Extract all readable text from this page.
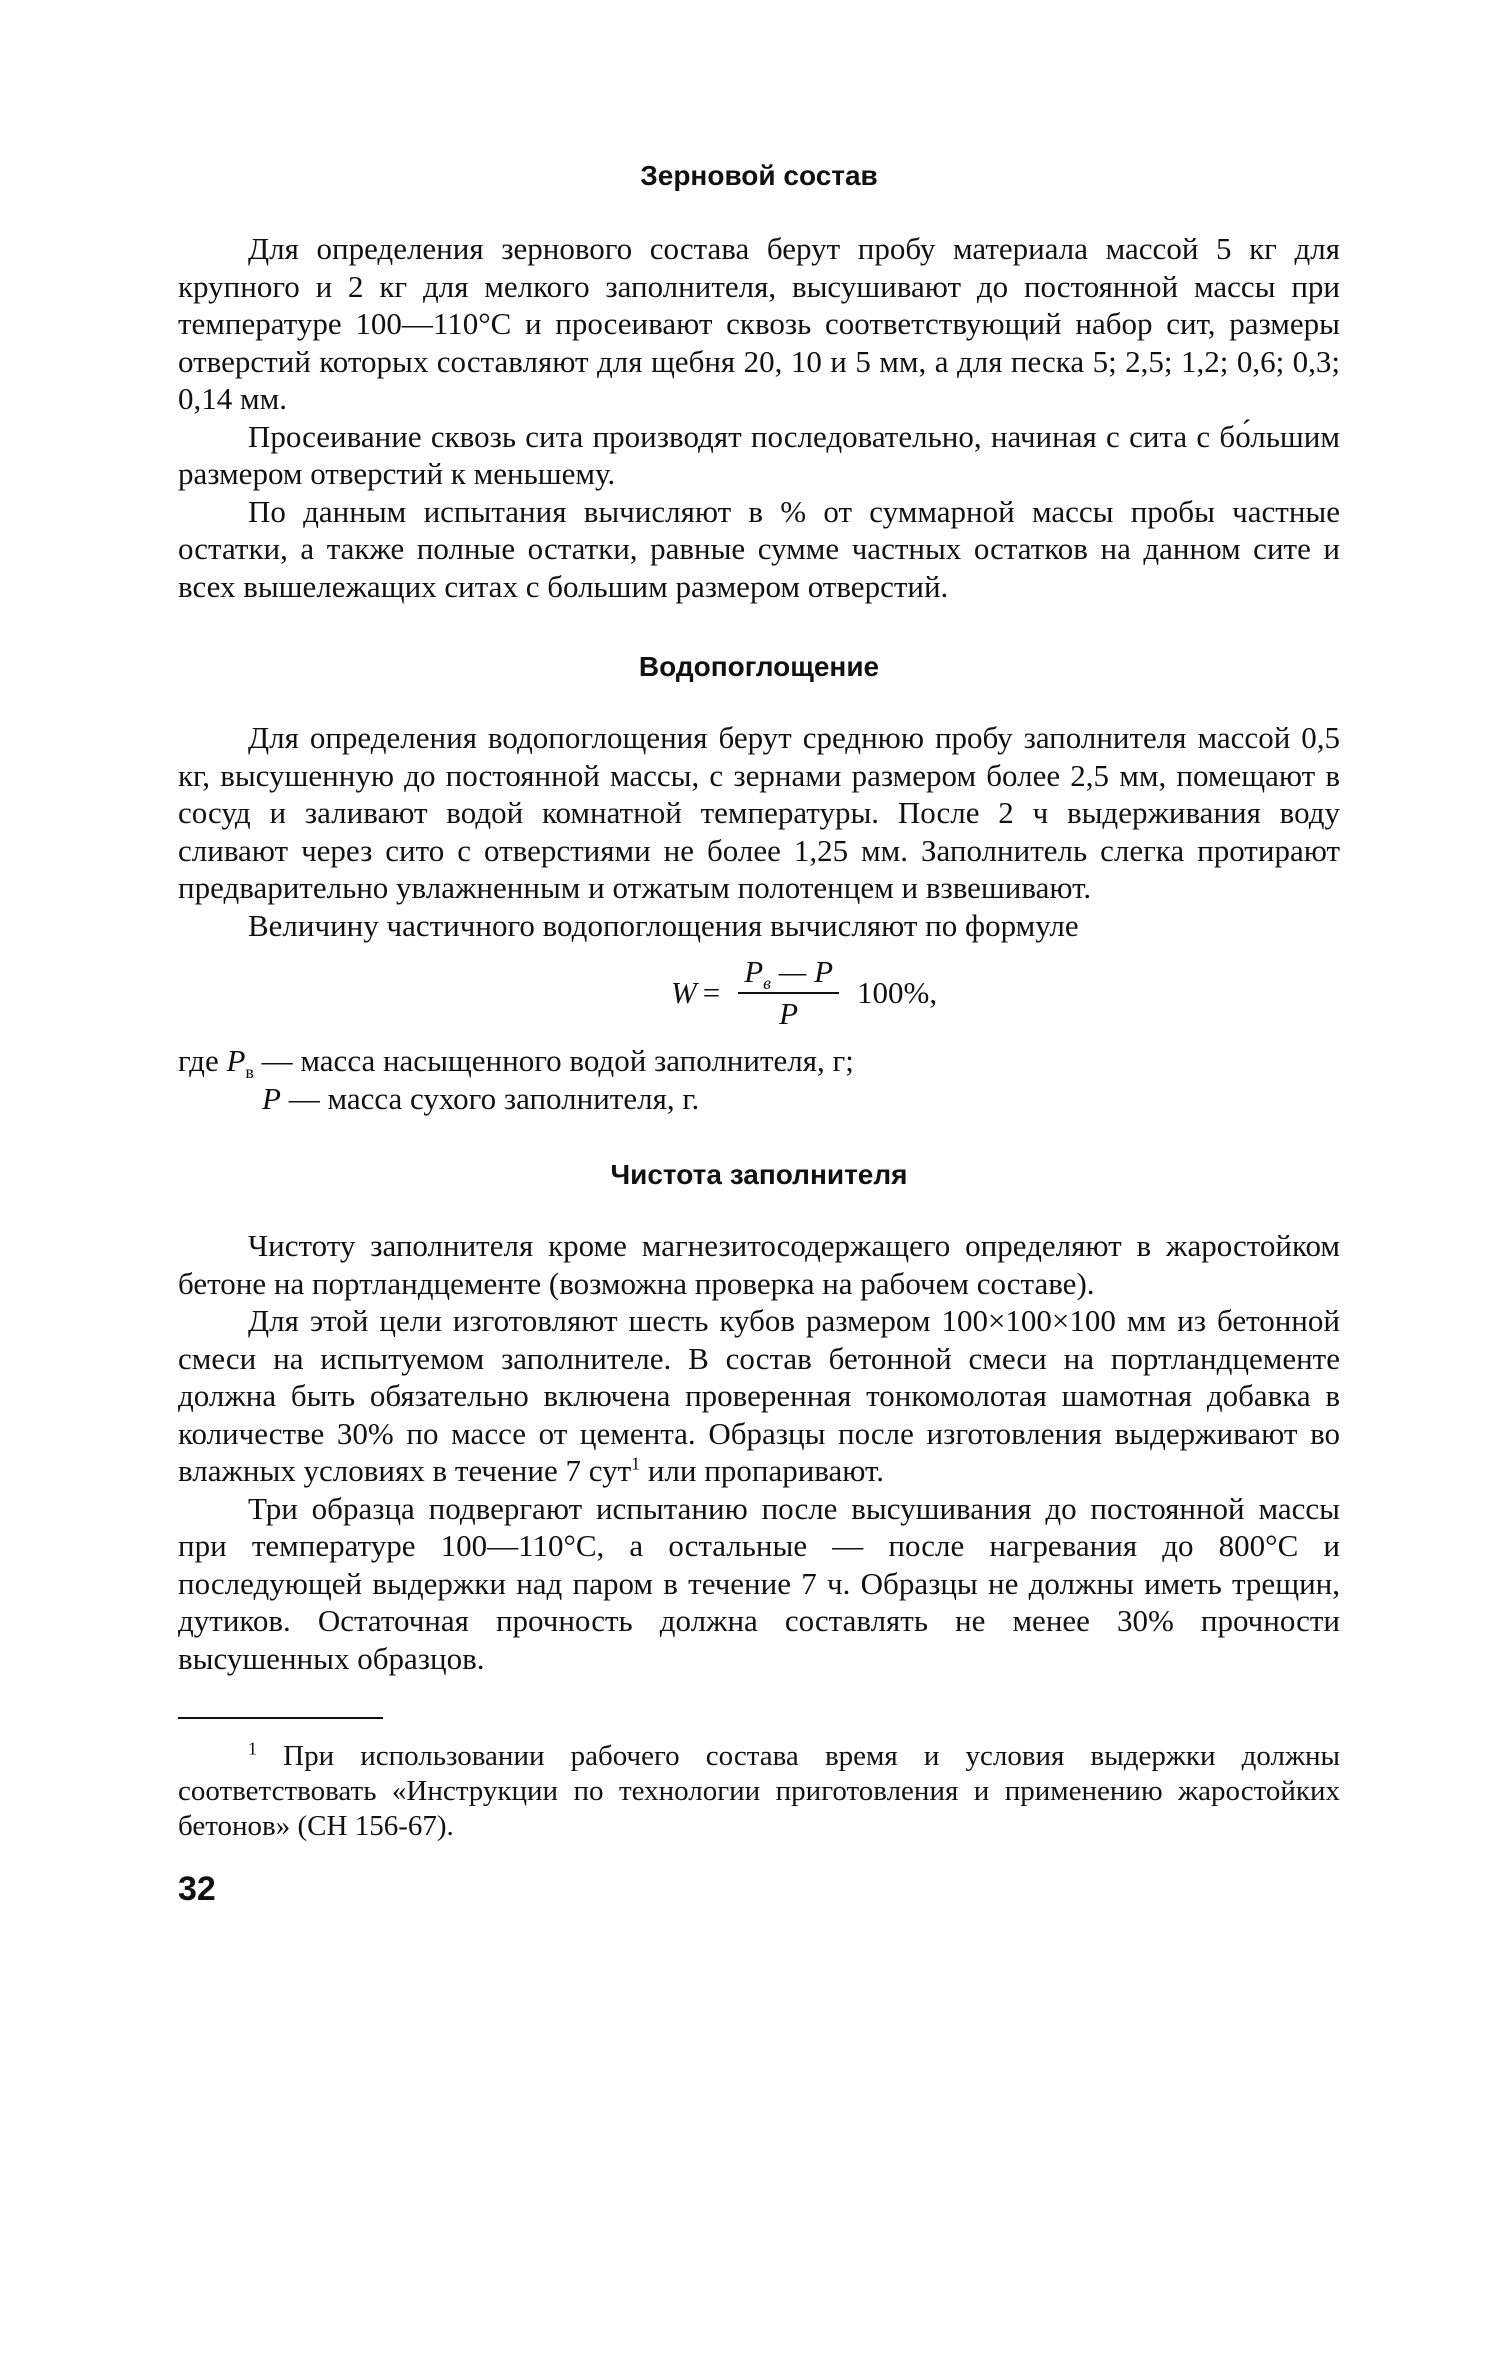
Зерновой состав

Для определения зернового состава берут пробу материала массой 5 кг для крупного и 2 кг для мелкого заполнителя, высушивают до постоянной массы при температуре 100—110°С и просеивают сквозь соответствующий набор сит, размеры отверстий которых составляют для щебня 20, 10 и 5 мм, а для песка 5; 2,5; 1,2; 0,6; 0,3; 0,14 мм.

Просеивание сквозь сита производят последовательно, начиная с сита с бо́льшим размером отверстий к меньшему.

По данным испытания вычисляют в % от суммарной массы пробы частные остатки, а также полные остатки, равные сумме частных остатков на данном сите и всех вышележащих ситах с большим размером отверстий.

Водопоглощение

Для определения водопоглощения берут среднюю пробу заполнителя массой 0,5 кг, высушенную до постоянной массы, с зернами размером более 2,5 мм, помещают в сосуд и заливают водой комнатной температуры. После 2 ч выдерживания воду сливают через сито с отверстиями не более 1,25 мм. Заполнитель слегка протирают предварительно увлажненным и отжатым полотенцем и взвешивают.

Величину частичного водопоглощения вычисляют по формуле

$W = \frac{P_в — P}{P} 100\%$,
где $P_в$ — масса насыщенного водой заполнителя, г;
P — масса сухого заполнителя, г.
Чистота заполнителя

Чистоту заполнителя кроме магнезитосодержащего определяют в жаростойком бетоне на портландцементе (возможна проверка на рабочем составе).

Для этой цели изготовляют шесть кубов размером 100×100×100 мм из бетонной смеси на испытуемом заполнителе. В состав бетонной смеси на портландцементе должна быть обязательно включена проверенная тонкомолотая шамотная добавка в количестве 30% по массе от цемента. Образцы после изготовления выдерживают во влажных условиях в течение 7 сут$^1$ или пропаривают.

Три образца подвергают испытанию после высушивания до постоянной массы при температуре 100—110°С, а остальные — после нагревания до 800°С и последующей выдержки над паром в течение 7 ч. Образцы не должны иметь трещин, дутиков. Остаточная прочность должна составлять не менее 30% прочности высушенных образцов.

$^1$ При использовании рабочего состава время и условия выдержки должны соответствовать «Инструкции по технологии приготовления и применению жаростойких бетонов» (СН 156-67).

32
